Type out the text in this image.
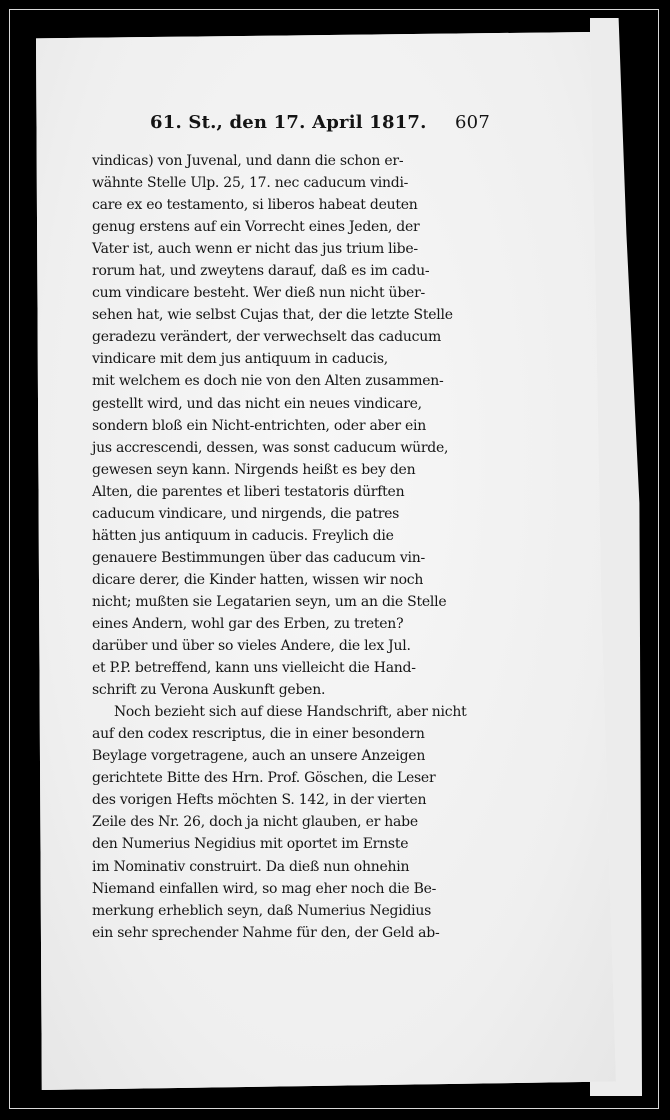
61. St., den 17. April 1817. 607
vindicas) von Juvenal, und dann die schon er-
wähnte Stelle Ulp. 25, 17. nec caducum vindi-
care ex eo testamento, si liberos habeat deuten
genug erstens auf ein Vorrecht eines Jeden, der
Vater ist, auch wenn er nicht das jus trium libe-
rorum hat, und zweytens darauf, daß es im cadu-
cum vindicare besteht. Wer dieß nun nicht über-
sehen hat, wie selbst Cujas that, der die letzte Stelle
geradezu verändert, der verwechselt das caducum
vindicare mit dem jus antiquum in caducis,
mit welchem es doch nie von den Alten zusammen-
gestellt wird, und das nicht ein neues vindicare,
sondern bloß ein Nicht-entrichten, oder aber ein
jus accrescendi, dessen, was sonst caducum würde,
gewesen seyn kann. Nirgends heißt es bey den
Alten, die parentes et liberi testatoris dürften
caducum vindicare, und nirgends, die patres
hätten jus antiquum in caducis. Freylich die
genauere Bestimmungen über das caducum vin-
dicare derer, die Kinder hatten, wissen wir noch
nicht; mußten sie Legatarien seyn, um an die Stelle
eines Andern, wohl gar des Erben, zu treten?
darüber und über so vieles Andere, die lex Jul.
et P.P. betreffend, kann uns vielleicht die Hand-
schrift zu Verona Auskunft geben.
Noch bezieht sich auf diese Handschrift, aber nicht
auf den codex rescriptus, die in einer besondern
Beylage vorgetragene, auch an unsere Anzeigen
gerichtete Bitte des Hrn. Prof. Göschen, die Leser
des vorigen Hefts möchten S. 142, in der vierten
Zeile des Nr. 26, doch ja nicht glauben, er habe
den Numerius Negidius mit oportet im Ernste
im Nominativ construirt. Da dieß nun ohnehin
Niemand einfallen wird, so mag eher noch die Be-
merkung erheblich seyn, daß Numerius Negidius
ein sehr sprechender Nahme für den, der Geld ab-
